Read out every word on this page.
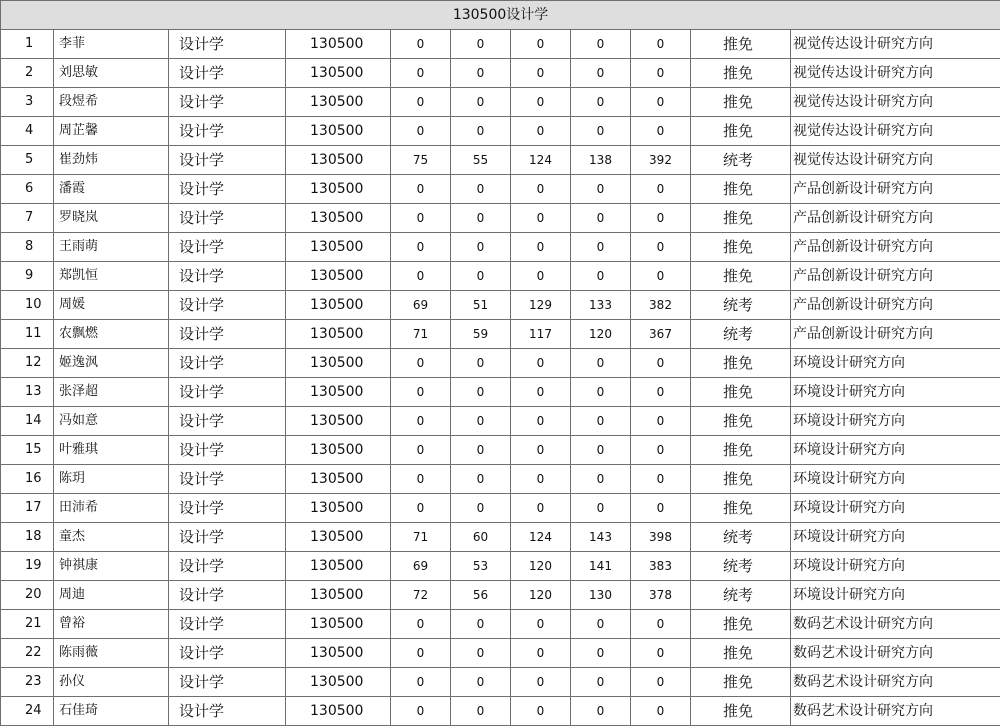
130500设计学										
1	李菲	设计学	130500	0	0	0	0	0	推免	视觉传达设计研究方向
2	刘思敏	设计学	130500	0	0	0	0	0	推免	视觉传达设计研究方向
3	段煜希	设计学	130500	0	0	0	0	0	推免	视觉传达设计研究方向
4	周芷馨	设计学	130500	0	0	0	0	0	推免	视觉传达设计研究方向
5	崔劲炜	设计学	130500	75	55	124	138	392	统考	视觉传达设计研究方向
6	潘霞	设计学	130500	0	0	0	0	0	推免	产品创新设计研究方向
7	罗晓岚	设计学	130500	0	0	0	0	0	推免	产品创新设计研究方向
8	王雨萌	设计学	130500	0	0	0	0	0	推免	产品创新设计研究方向
9	郑凯恒	设计学	130500	0	0	0	0	0	推免	产品创新设计研究方向
10	周媛	设计学	130500	69	51	129	133	382	统考	产品创新设计研究方向
11	农飘燃	设计学	130500	71	59	117	120	367	统考	产品创新设计研究方向
12	姬逸沨	设计学	130500	0	0	0	0	0	推免	环境设计研究方向
13	张泽超	设计学	130500	0	0	0	0	0	推免	环境设计研究方向
14	冯如意	设计学	130500	0	0	0	0	0	推免	环境设计研究方向
15	叶雅琪	设计学	130500	0	0	0	0	0	推免	环境设计研究方向
16	陈玥	设计学	130500	0	0	0	0	0	推免	环境设计研究方向
17	田沛希	设计学	130500	0	0	0	0	0	推免	环境设计研究方向
18	童杰	设计学	130500	71	60	124	143	398	统考	环境设计研究方向
19	钟祺康	设计学	130500	69	53	120	141	383	统考	环境设计研究方向
20	周迪	设计学	130500	72	56	120	130	378	统考	环境设计研究方向
21	曾裕	设计学	130500	0	0	0	0	0	推免	数码艺术设计研究方向
22	陈雨薇	设计学	130500	0	0	0	0	0	推免	数码艺术设计研究方向
23	孙仪	设计学	130500	0	0	0	0	0	推免	数码艺术设计研究方向
24	石佳琦	设计学	130500	0	0	0	0	0	推免	数码艺术设计研究方向
